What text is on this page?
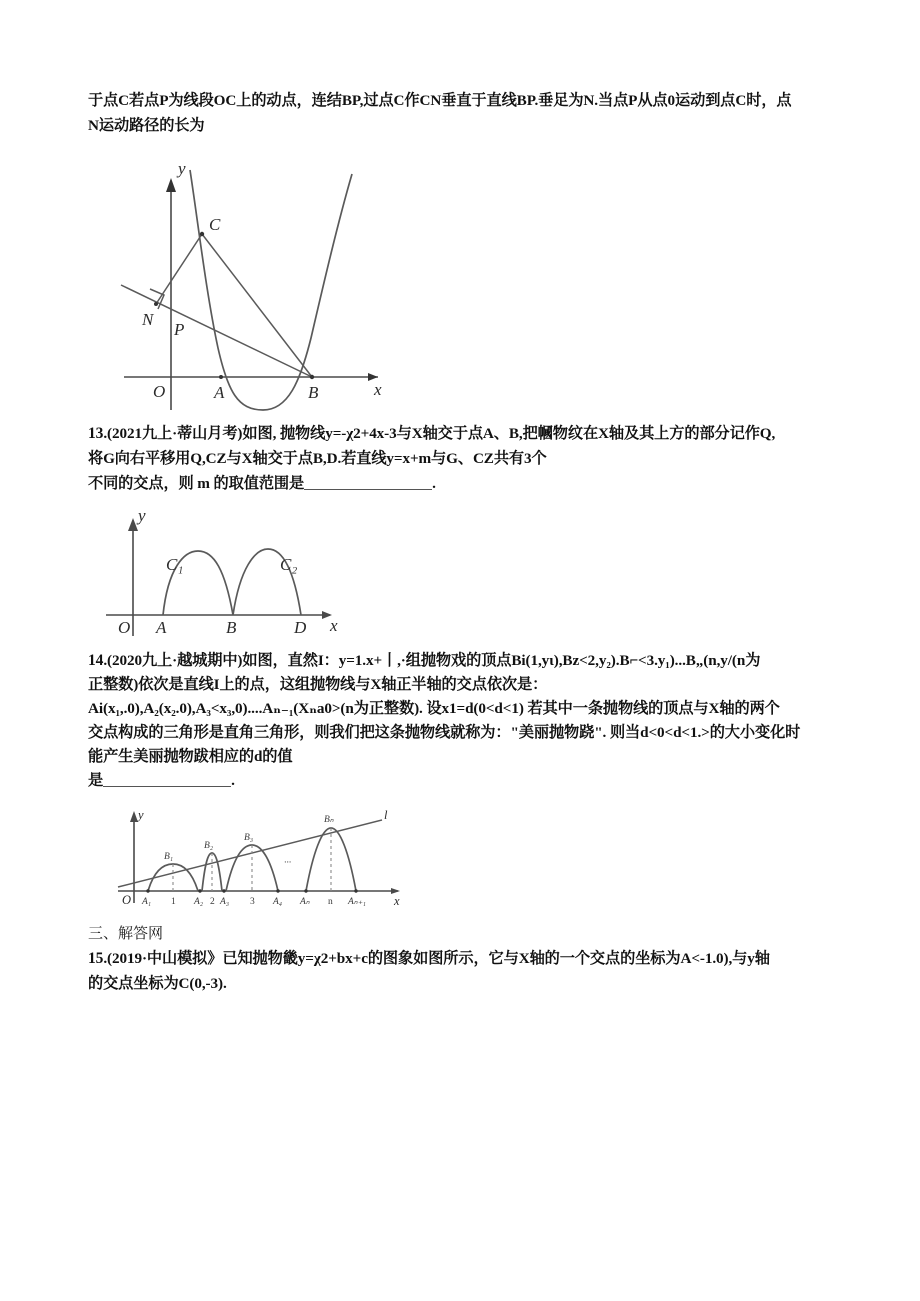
于点C若点P为线段OC上的动点，连结BP,过点C作CN垂直于直线BP.垂足为N.当点P从点0运动到点C时，点
N运动路径的长为
y
x
O
C
N
P
A	B
13.(2021九上·蒂山月考)如图, 抛物线y=-χ2+4x-3与X轴交于点A、B,把幗物纹在X轴及其上方的部分记作Q,
将G向右平移用Q,CZ与X轴交于点B,D.若直线y=x+m与G、CZ共有3个
不同的交点，则 m 的取值范围是	.
y
x
O A	B	D
C₁	C₂
14.(2020九上·越城期中)如图，直然I：y=1.x+丨,·组抛物戏的顶点Bi(1,yι),Bz<2,y₂).B⌐<3.y₁)...B„(n,y/(n为
正整数)依次是直线I上的点，这组抛物线与X轴正半轴的交点依次是：
Ai(x₁,.0),A₂(x₂.0),A₃<x₃,0)....Aₙ₋₁(Xₙa0>(n为正整数). 设x1=d(0<d<1) 若其中一条抛物线的顶点与X轴的两个
交点构成的三角形是直角三角形，则我们把这条抛物线就称为："美丽抛物跷". 则当d<0<d<1.>的大小变化时
能产生美丽抛物跋相应的d的值
是	.
···
y
x
O
l
A₁	A₂ A₃	A₄ Aₙ	Aₙ₊₁
1	2	3	n
B₁
B₂
B₃
Bₙ
三、解答网
15.(2019·中山模拟》已知抛物畿y=χ2+bx+c的图象如图所示，它与X轴的一个交点的坐标为A<-1.0),与y轴
的交点坐标为C(0,-3).
